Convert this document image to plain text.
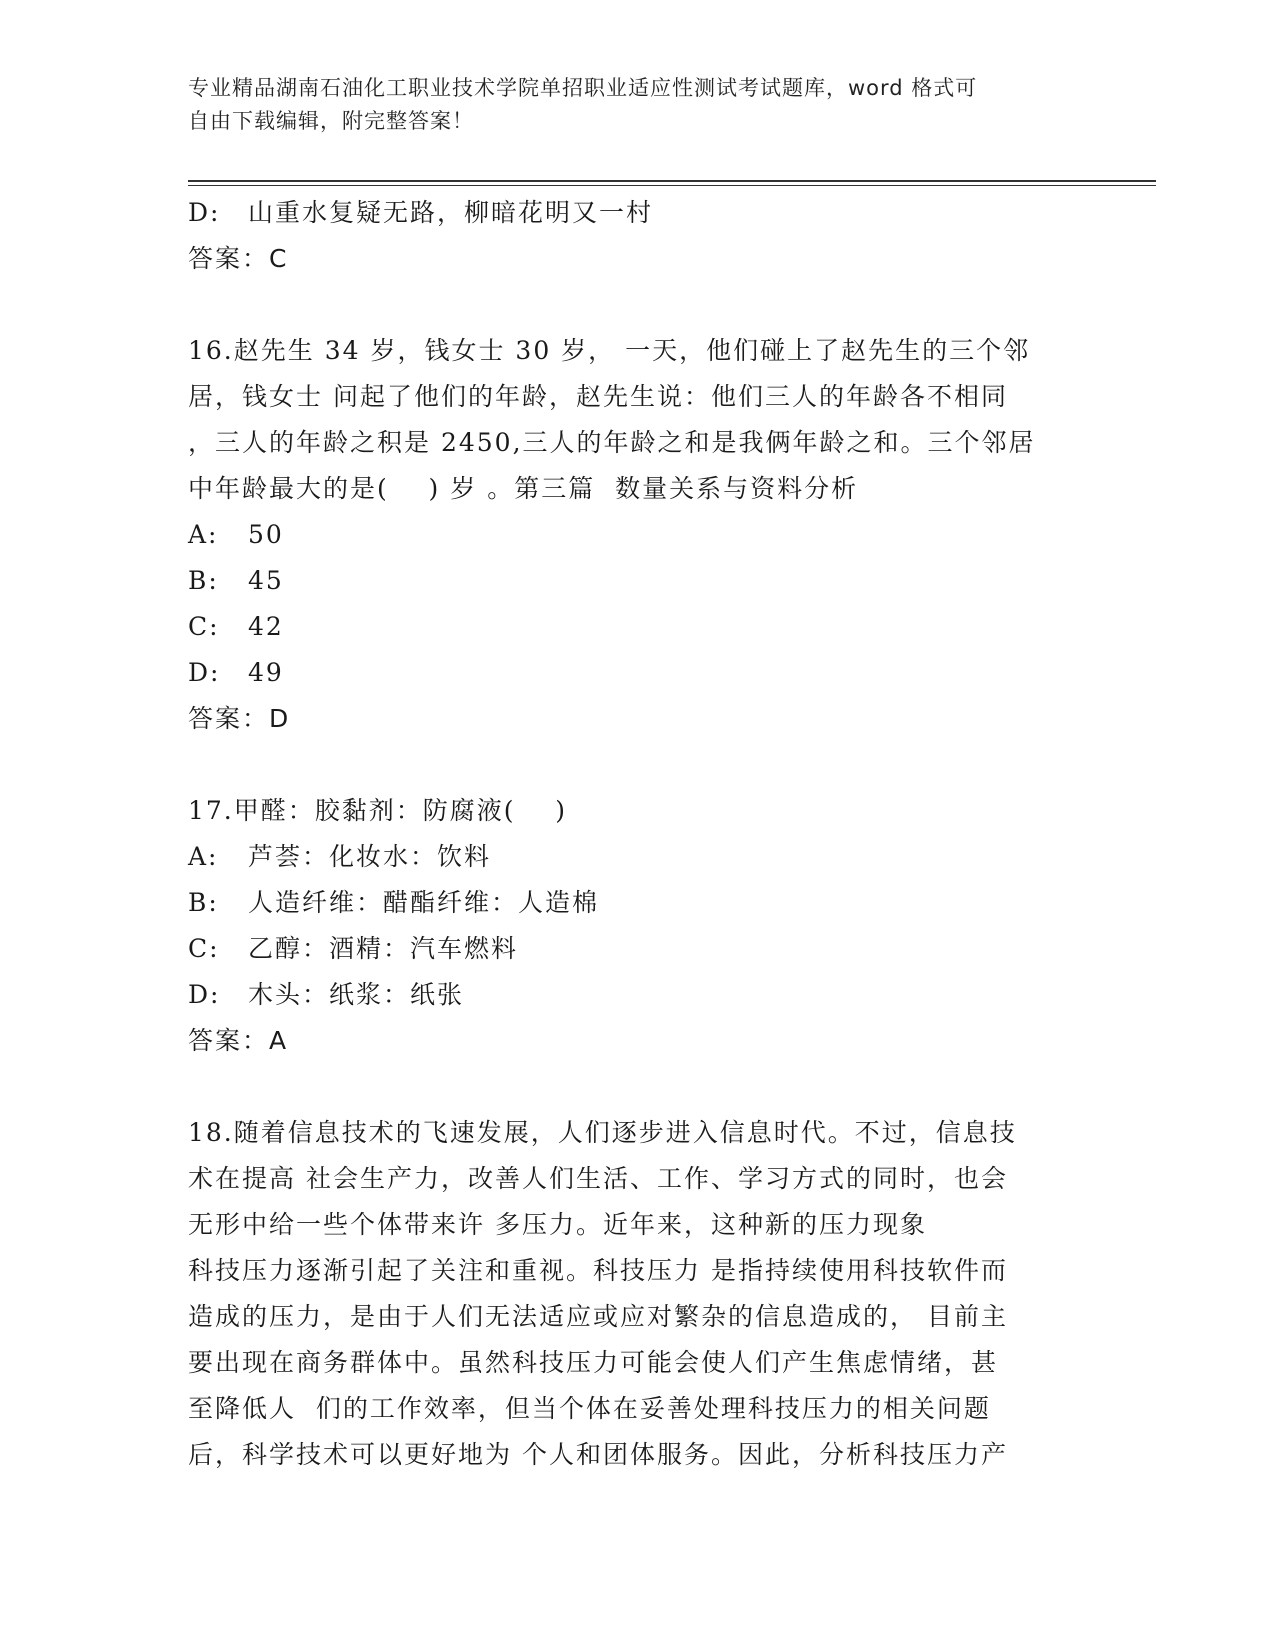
专业精品湖南石油化工职业技术学院单招职业适应性测试考试题库，word 格式可
自由下载编辑，附完整答案！
D:	山重水复疑无路，柳暗花明又一村
答案：C
16.赵先生 34 岁，钱女士 30 岁， 一天，他们碰上了赵先生的三个邻
居，钱女士 问起了他们的年龄，赵先生说：他们三人的年龄各不相同
，三人的年龄之积是 2450,三人的年龄之和是我俩年龄之和。三个邻居
中年龄最大的是(    ) 岁 。第三篇  数量关系与资料分析
A:	50
B:	45
C:	42
D:	49
答案：D
17.甲醛：胶黏剂：防腐液(    )
A:	芦荟：化妆水：饮料
B:	人造纤维：醋酯纤维：人造棉
C:	乙醇：酒精：汽车燃料
D:	木头：纸浆：纸张
答案：A
18.随着信息技术的飞速发展，人们逐步进入信息时代。不过，信息技
术在提高 社会生产力，改善人们生活、工作、学习方式的同时，也会
无形中给一些个体带来许 多压力。近年来，这种新的压力现象
科技压力逐渐引起了关注和重视。科技压力 是指持续使用科技软件而
造成的压力，是由于人们无法适应或应对繁杂的信息造成的， 目前主
要出现在商务群体中。虽然科技压力可能会使人们产生焦虑情绪，甚
至降低人  们的工作效率，但当个体在妥善处理科技压力的相关问题
后，科学技术可以更好地为 个人和团体服务。因此，分析科技压力产
